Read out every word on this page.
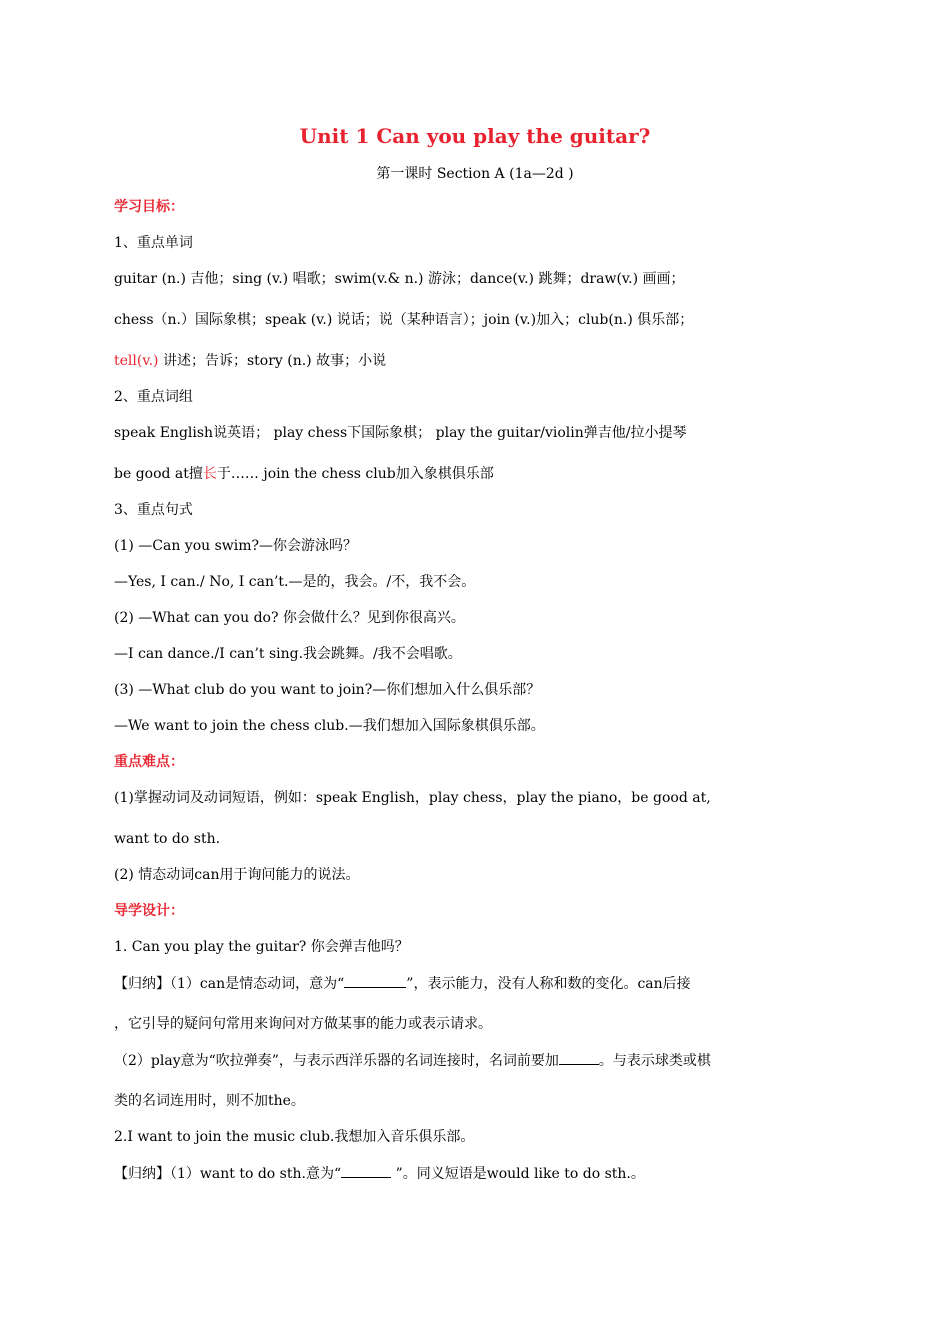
Unit 1 Can you play the guitar?
第一课时 Section A (1a—2d )
学习目标：
1、重点单词
guitar (n.) 吉他；sing (v.) 唱歌；swim(v.& n.) 游泳；dance(v.) 跳舞；draw(v.) 画画；
chess（n.）国际象棋；speak (v.) 说话；说（某种语言）；join (v.)加入；club(n.) 俱乐部；
tell(v.) 讲述；告诉；story (n.) 故事；小说
2、重点词组
speak English说英语； play chess下国际象棋； play the guitar/violin弹吉他/拉小提琴
be good at擅长于…… join the chess club加入象棋俱乐部
3、重点句式
(1) —Can you swim?—你会游泳吗？
—Yes, I can./ No, I can’t.—是的，我会。/不，我不会。
(2) —What can you do? 你会做什么？见到你很高兴。
—I can dance./I can’t sing.我会跳舞。/我不会唱歌。
(3) —What club do you want to join?—你们想加入什么俱乐部？
—We want to join the chess club.—我们想加入国际象棋俱乐部。
重点难点：
(1)掌握动词及动词短语，例如：speak English，play chess，play the piano，be good at,
want to do sth.
(2) 情态动词can用于询问能力的说法。
导学设计：
1. Can you play the guitar? 你会弹吉他吗？
【归纳】（1）can是情态动词，意为“	”，表示能力，没有人称和数的变化。can后接
，它引导的疑问句常用来询问对方做某事的能力或表示请求。
（2）play意为“吹拉弹奏”，与表示西洋乐器的名词连接时，名词前要加	。与表示球类或棋
类的名词连用时，则不加the。
2.I want to join the music club.我想加入音乐俱乐部。
【归纳】（1）want to do sth.意为“	”。同义短语是would like to do sth.。
